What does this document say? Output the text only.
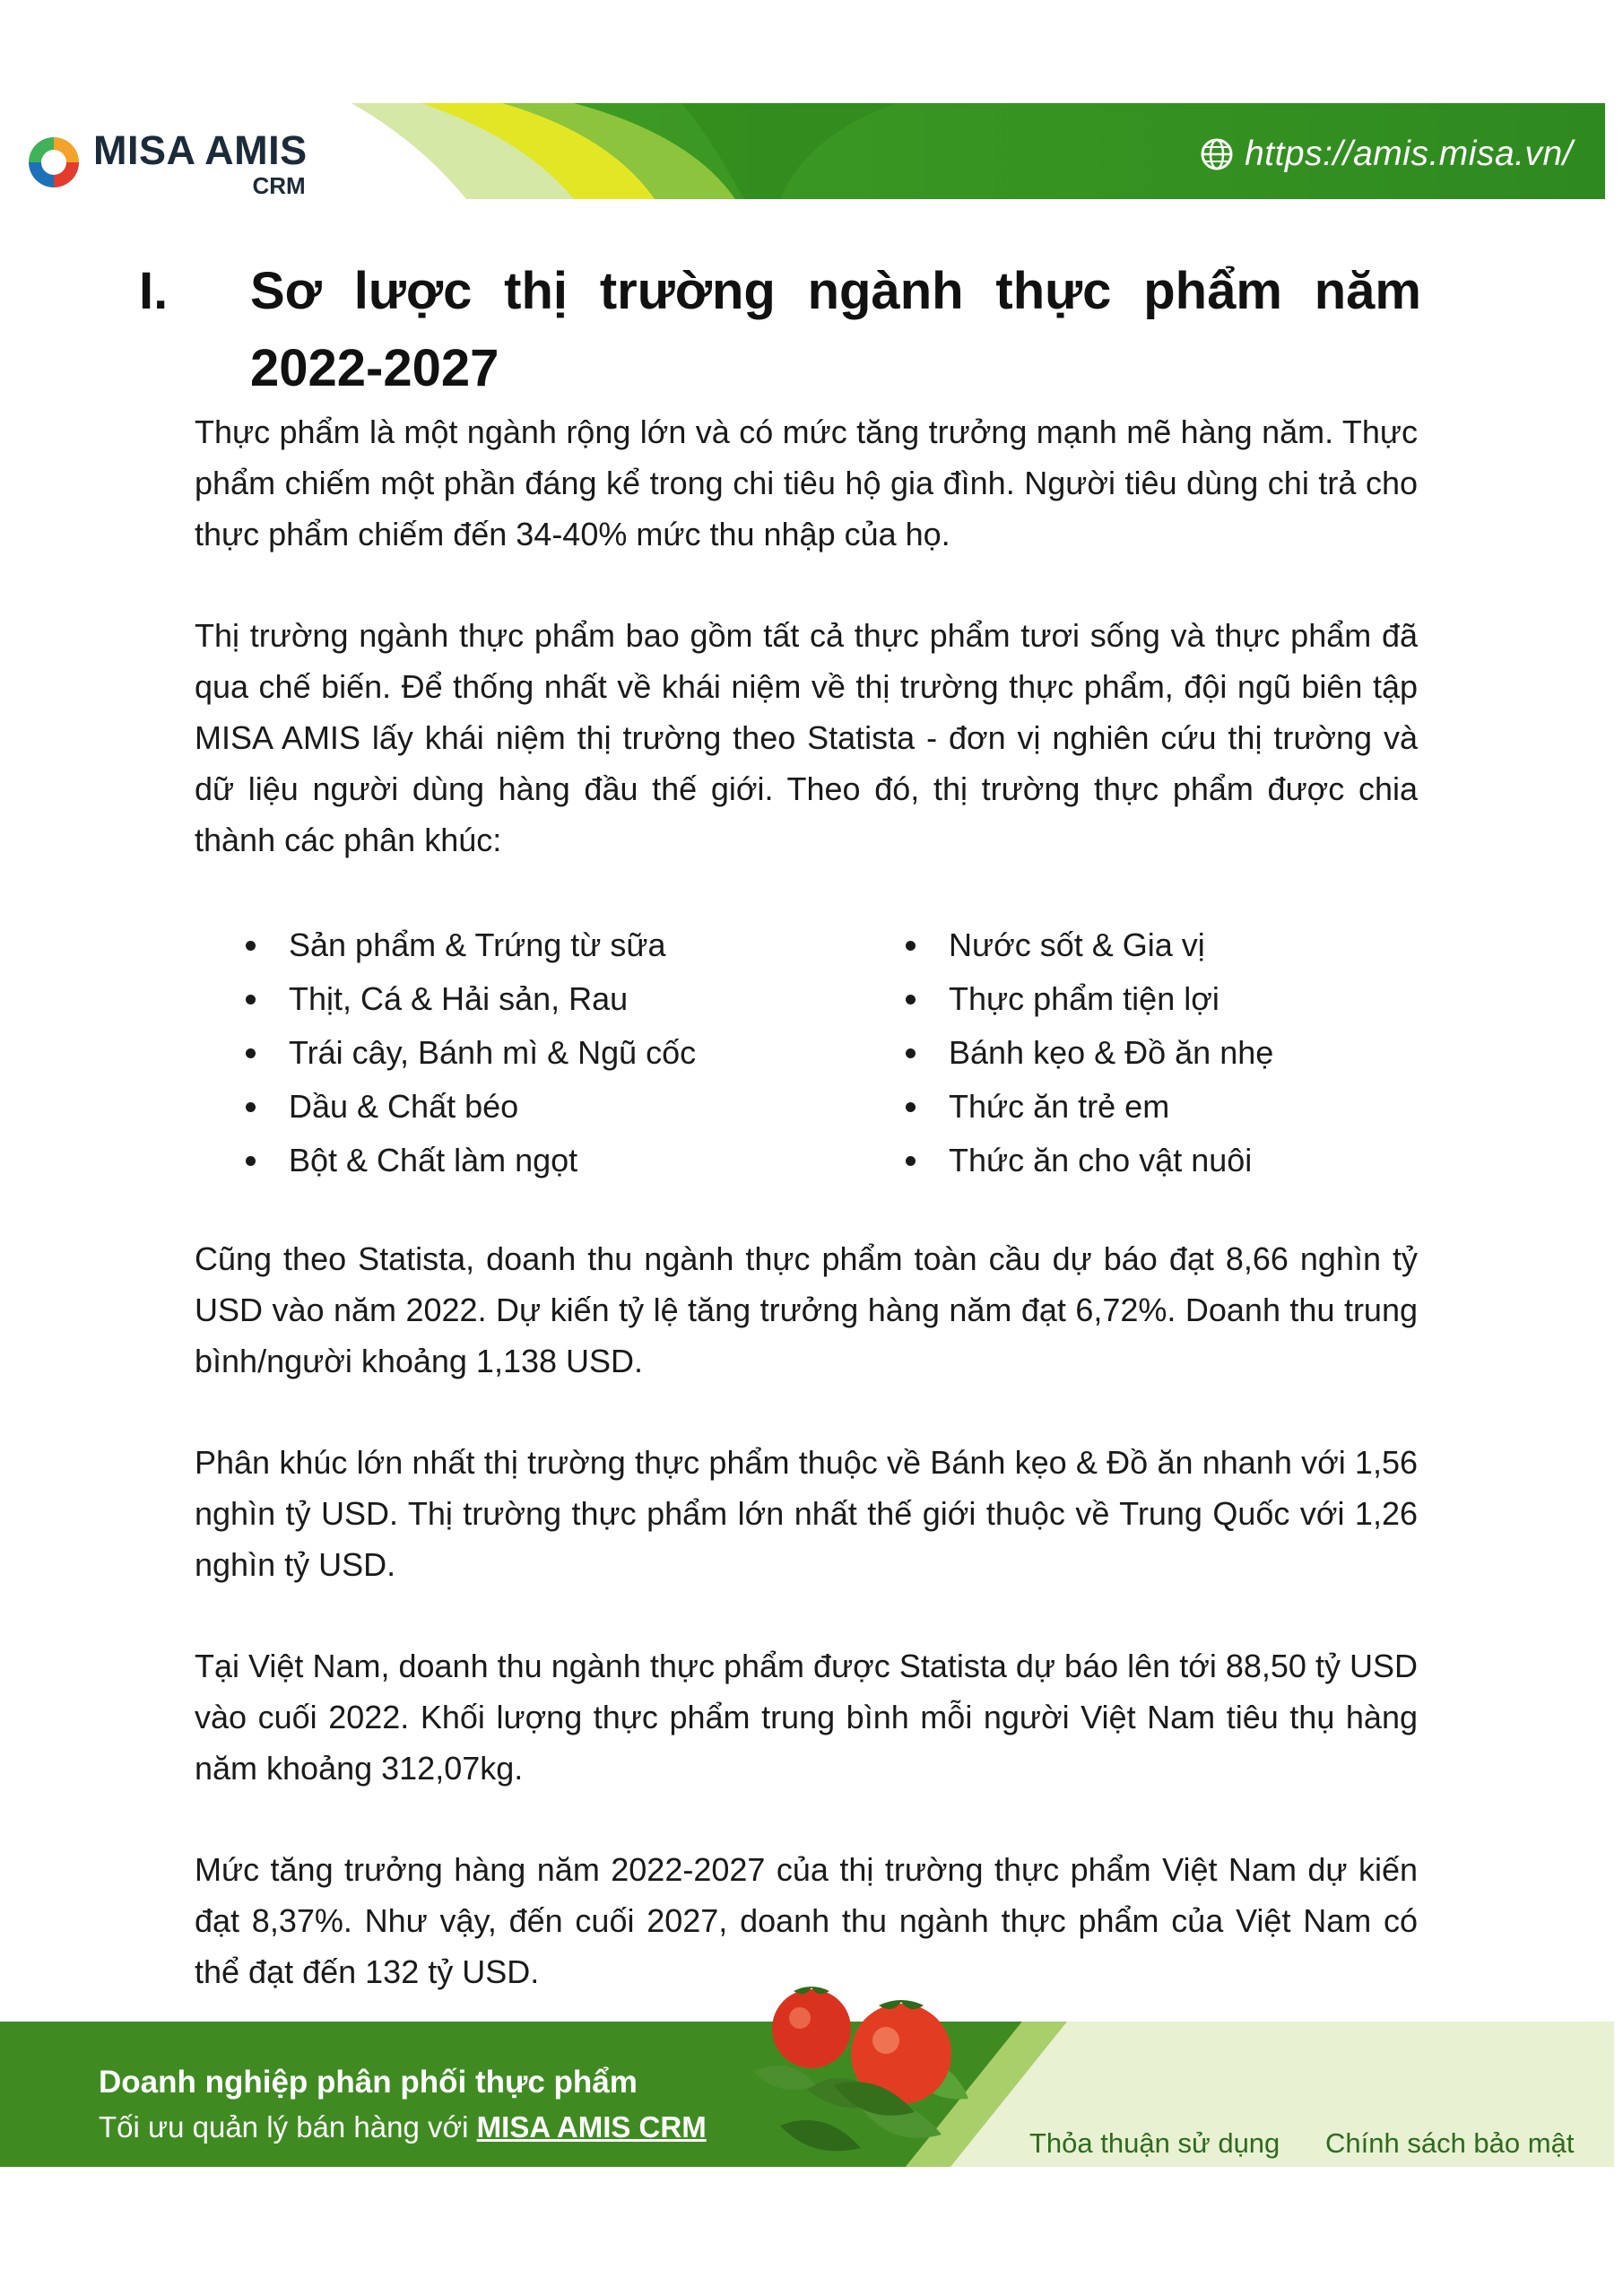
MISA AMIS
CRM
https://amis.misa.vn/
I. Sơ lược thị trường ngành thực phẩm năm 2022-2027

Thực phẩm là một ngành rộng lớn và có mức tăng trưởng mạnh mẽ hàng năm. Thực phẩm chiếm một phần đáng kể trong chi tiêu hộ gia đình. Người tiêu dùng chi trả cho thực phẩm chiếm đến 34-40% mức thu nhập của họ.

Thị trường ngành thực phẩm bao gồm tất cả thực phẩm tươi sống và thực phẩm đã qua chế biến. Để thống nhất về khái niệm về thị trường thực phẩm, đội ngũ biên tập MISA AMIS lấy khái niệm thị trường theo Statista - đơn vị nghiên cứu thị trường và dữ liệu người dùng hàng đầu thế giới. Theo đó, thị trường thực phẩm được chia thành các phân khúc:

Sản phẩm & Trứng từ sữa
Thịt, Cá & Hải sản, Rau
Trái cây, Bánh mì & Ngũ cốc
Dầu & Chất béo
Bột & Chất làm ngọt
Nước sốt & Gia vị
Thực phẩm tiện lợi
Bánh kẹo & Đồ ăn nhẹ
Thức ăn trẻ em
Thức ăn cho vật nuôi

Cũng theo Statista, doanh thu ngành thực phẩm toàn cầu dự báo đạt 8,66 nghìn tỷ USD vào năm 2022. Dự kiến tỷ lệ tăng trưởng hàng năm đạt 6,72%. Doanh thu trung bình/người khoảng 1,138 USD.

Phân khúc lớn nhất thị trường thực phẩm thuộc về Bánh kẹo & Đồ ăn nhanh với 1,56 nghìn tỷ USD. Thị trường thực phẩm lớn nhất thế giới thuộc về Trung Quốc với 1,26 nghìn tỷ USD.

Tại Việt Nam, doanh thu ngành thực phẩm được Statista dự báo lên tới 88,50 tỷ USD vào cuối 2022. Khối lượng thực phẩm trung bình mỗi người Việt Nam tiêu thụ hàng năm khoảng 312,07kg.

Mức tăng trưởng hàng năm 2022-2027 của thị trường thực phẩm Việt Nam dự kiến đạt 8,37%. Như vậy, đến cuối 2027, doanh thu ngành thực phẩm của Việt Nam có thể đạt đến 132 tỷ USD.

Doanh nghiệp phân phối thực phẩm
Tối ưu quản lý bán hàng với MISA AMIS CRM	Thỏa thuận sử dụng Chính sách bảo mật
